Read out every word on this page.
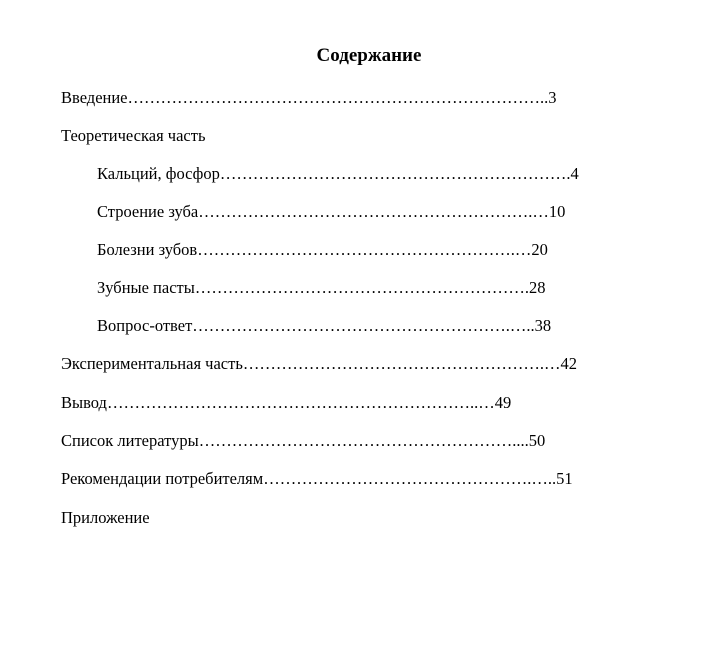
Содержание
Введение…………………………………………………………………..3
Теоретическая часть
Кальций, фосфор……………………………………………………….4
Строение зуба…………………………………………………….…10
Болезни зубов………………………………………………….…20
Зубные пасты…………………………………………………….28
Вопрос-ответ………………………………………………….…..38
Экспериментальная часть……………………………………………….…42
Вывод…………………………………………………………..…49
Список литературы…………………………………………………....50
Рекомендации потребителям………………………………………….…..51
Приложение
